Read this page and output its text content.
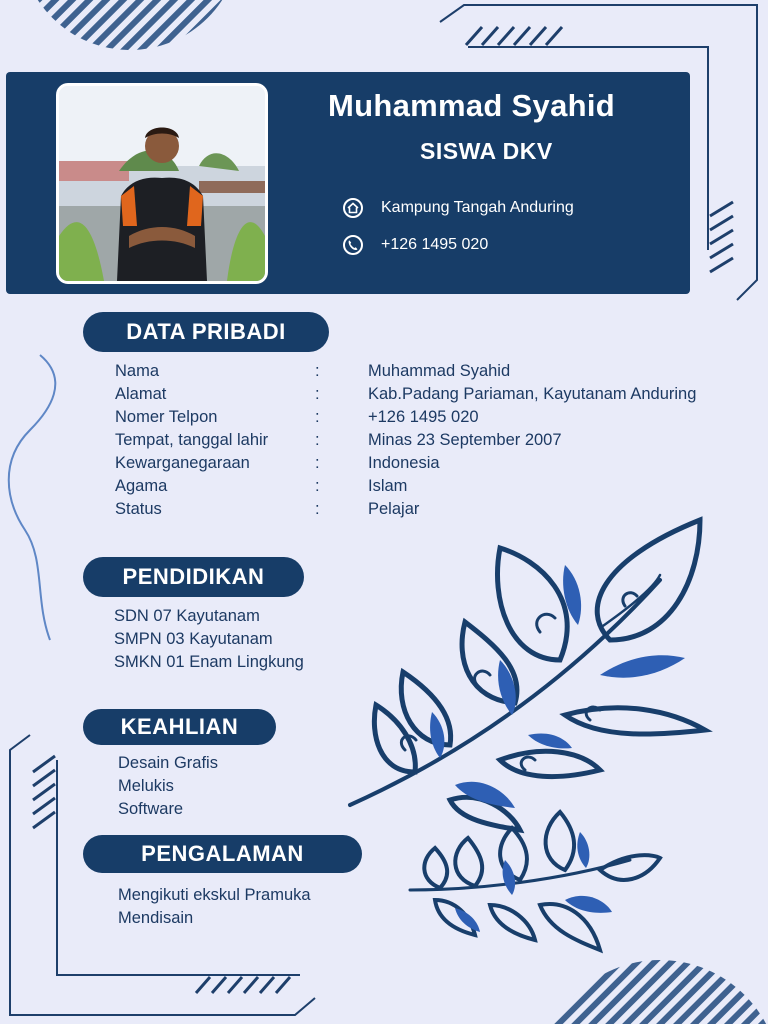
Muhammad Syahid
SISWA DKV
Kampung Tangah Anduring
+126 1495 020
DATA PRIBADI
Nama	:	Muhammad Syahid
Alamat	:	Kab.Padang Pariaman, Kayutanam Anduring
Nomer Telpon	:	+126 1495 020
Tempat, tanggal lahir	:	Minas 23 September 2007
Kewarganegaraan	:	Indonesia
Agama	:	Islam
Status	:	Pelajar
PENDIDIKAN
SDN 07 Kayutanam
SMPN 03 Kayutanam
SMKN 01 Enam Lingkung
KEAHLIAN
Desain Grafis
Melukis
Software
PENGALAMAN
Mengikuti ekskul Pramuka
Mendisain
